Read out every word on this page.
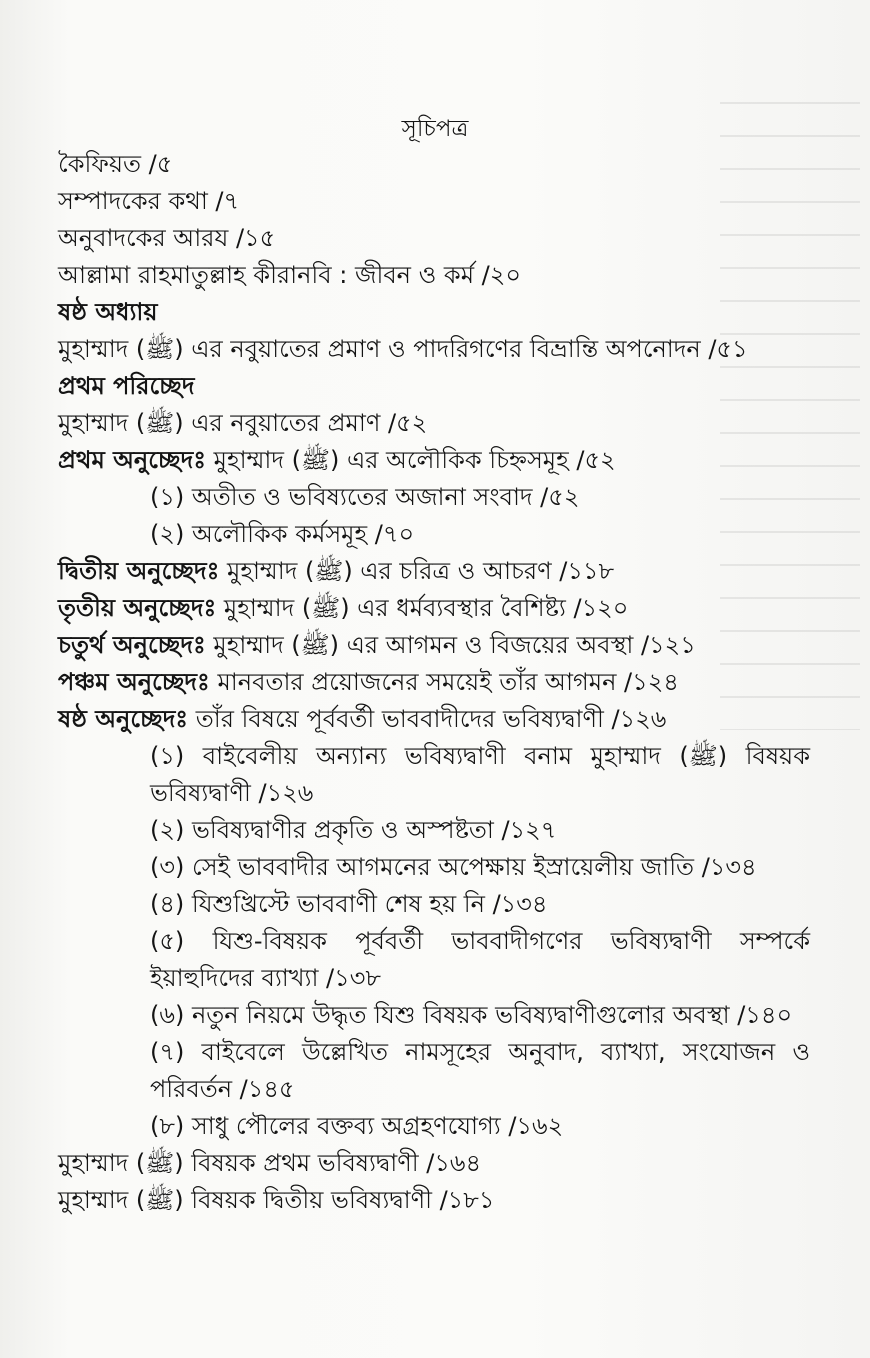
সূচিপত্র
কৈফিয়ত /৫
সম্পাদকের কথা /৭
অনুবাদকের আরয /১৫
আল্লামা রাহমাতুল্লাহ কীরানবি : জীবন ও কর্ম /২০
ষষ্ঠ অধ্যায়
মুহাম্মাদ (ﷺ) এর নবুয়াতের প্রমাণ ও পাদরিগণের বিভ্রান্তি অপনোদন /৫১
প্রথম পরিচ্ছেদ
মুহাম্মাদ (ﷺ) এর নবুয়াতের প্রমাণ /৫২
প্রথম অনুচ্ছেদঃ মুহাম্মাদ (ﷺ) এর অলৌকিক চিহ্নসমূহ /৫২
(১) অতীত ও ভবিষ্যতের অজানা সংবাদ /৫২
(২) অলৌকিক কর্মসমূহ /৭০
দ্বিতীয় অনুচ্ছেদঃ মুহাম্মাদ (ﷺ) এর চরিত্র ও আচরণ /১১৮
তৃতীয় অনুচ্ছেদঃ মুহাম্মাদ (ﷺ) এর ধর্মব্যবস্থার বৈশিষ্ট্য /১২০
চতুর্থ অনুচ্ছেদঃ মুহাম্মাদ (ﷺ) এর আগমন ও বিজয়ের অবস্থা /১২১
পঞ্চম অনুচ্ছেদঃ মানবতার প্রয়োজনের সময়েই তাঁর আগমন /১২৪
ষষ্ঠ অনুচ্ছেদঃ তাঁর বিষয়ে পূর্ববর্তী ভাববাদীদের ভবিষ্যদ্বাণী /১২৬
(১) বাইবেলীয় অন্যান্য ভবিষ্যদ্বাণী বনাম মুহাম্মাদ (ﷺ) বিষয়ক
ভবিষ্যদ্বাণী /১২৬
(২) ভবিষ্যদ্বাণীর প্রকৃতি ও অস্পষ্টতা /১২৭
(৩) সেই ভাববাদীর আগমনের অপেক্ষায় ইস্রায়েলীয় জাতি /১৩৪
(৪) যিশুখ্রিস্টে ভাববাণী শেষ হয় নি /১৩৪
(৫) যিশু-বিষয়ক পূর্ববর্তী ভাববাদীগণের ভবিষ্যদ্বাণী সম্পর্কে
ইয়াহুদিদের ব্যাখ্যা /১৩৮
(৬) নতুন নিয়মে উদ্ধৃত যিশু বিষয়ক ভবিষ্যদ্বাণীগুলোর অবস্থা /১৪০
(৭) বাইবেলে উল্লেখিত নামসূহের অনুবাদ, ব্যাখ্যা, সংযোজন ও
পরিবর্তন /১৪৫
(৮) সাধু পৌলের বক্তব্য অগ্রহণযোগ্য /১৬২
মুহাম্মাদ (ﷺ) বিষয়ক প্রথম ভবিষ্যদ্বাণী /১৬৪
মুহাম্মাদ (ﷺ) বিষয়ক দ্বিতীয় ভবিষ্যদ্বাণী /১৮১
